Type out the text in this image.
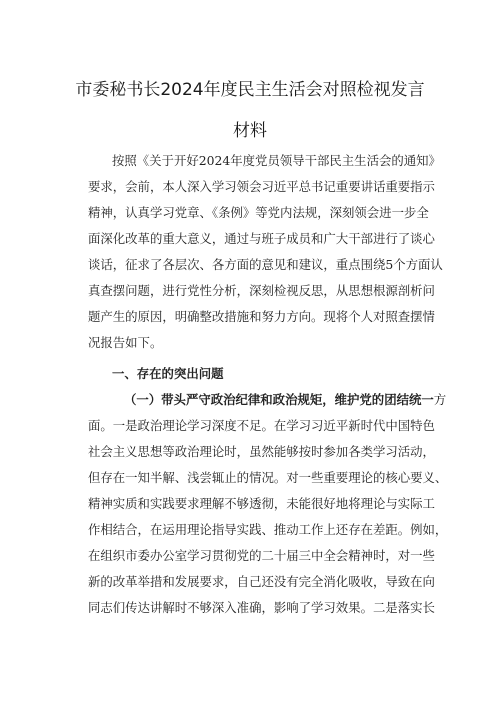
市委秘书长2024年度民主生活会对照检视发言
材料
按照《关于开好2024年度党员领导干部民主生活会的通知》
要求，会前，本人深入学习领会习近平总书记重要讲话重要指示
精神，认真学习党章、《条例》等党内法规，深刻领会进一步全
面深化改革的重大意义，通过与班子成员和广大干部进行了谈心
谈话，征求了各层次、各方面的意见和建议，重点围绕5个方面认
真查摆问题，进行党性分析，深刻检视反思，从思想根源剖析问
题产生的原因，明确整改措施和努力方向。现将个人对照查摆情
况报告如下。
一、存在的突出问题
（一）带头严守政治纪律和政治规矩，维护党的团结统一方
面。一是政治理论学习深度不足。在学习习近平新时代中国特色
社会主义思想等政治理论时，虽然能够按时参加各类学习活动，
但存在一知半解、浅尝辄止的情况。对一些重要理论的核心要义、
精神实质和实践要求理解不够透彻，未能很好地将理论与实际工
作相结合，在运用理论指导实践、推动工作上还存在差距。例如，
在组织市委办公室学习贯彻党的二十届三中全会精神时，对一些
新的改革举措和发展要求，自己还没有完全消化吸收，导致在向
同志们传达讲解时不够深入准确，影响了学习效果。二是落实长
